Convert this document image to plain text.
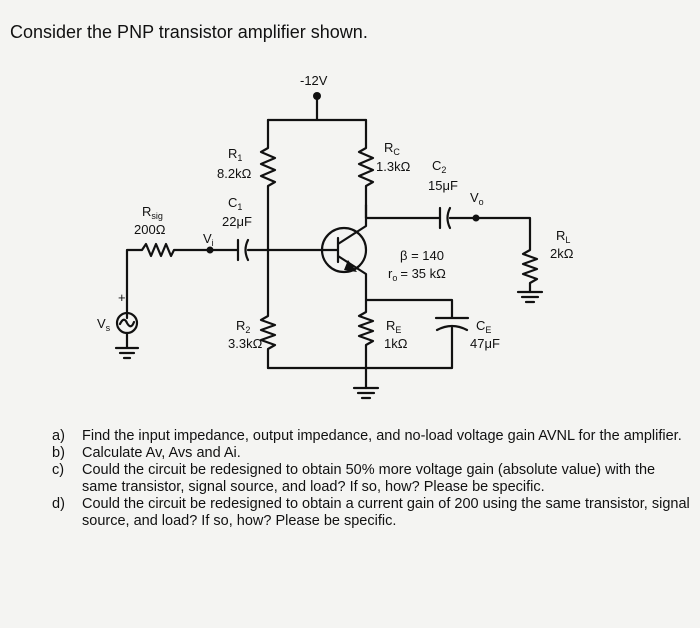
Consider the PNP transistor amplifier shown.
-12V
$R_1$
8.2kΩ
$R_C$
1.3kΩ $C_2$
15μF
$V_o$
$R_L$
2kΩ
β = 140
$r_o = 35$ kΩ
$R_E$
1kΩ
$C_E$
47μF
$R_2$
3.3kΩ
$V_i$
$C_1$
22μF
$R_{sig}$
200Ω
+
$V_s$
a) Find the input impedance, output impedance, and no-load voltage gain AVNL for the amplifier.
b) Calculate Av, Avs and Ai.
c) Could the circuit be redesigned to obtain 50% more voltage gain (absolute value) with the same transistor, signal source, and load? If so, how? Please be specific.
d) Could the circuit be redesigned to obtain a current gain of 200 using the same transistor, signal source, and load? If so, how? Please be specific.
